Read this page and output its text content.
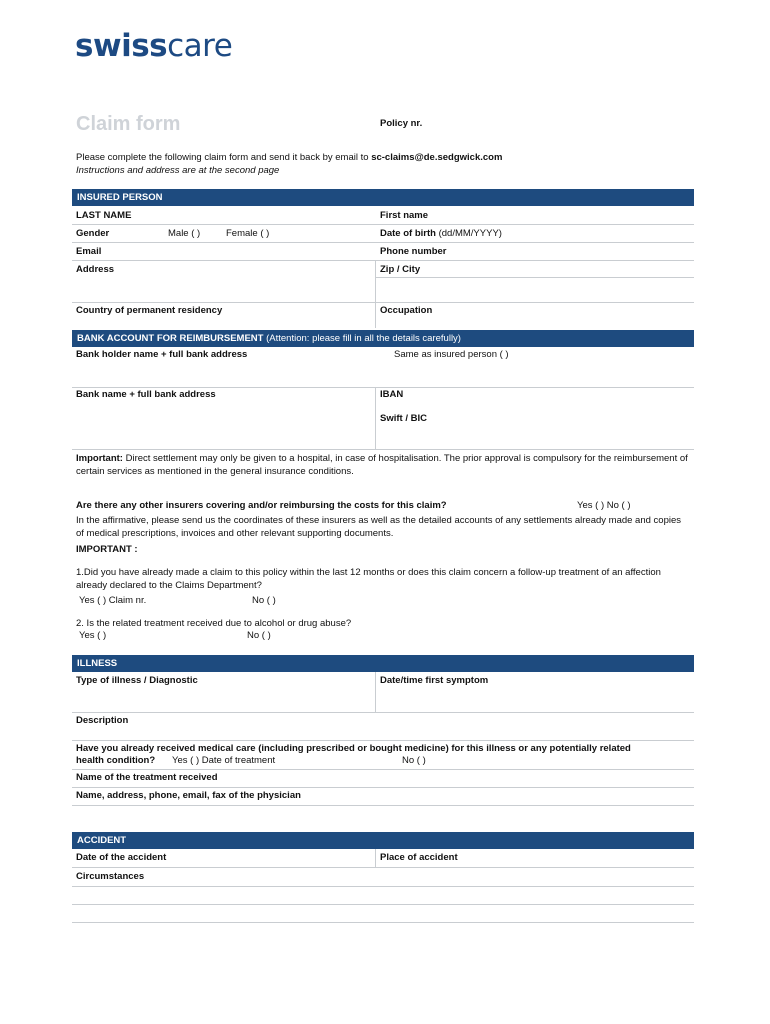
swisscare
Claim form	Policy nr.
Please complete the following claim form and send it back by email to sc-claims@de.sedgwick.com
Instructions and address are at the second page
INSURED PERSON
LAST NAME	First name
Gender	Male ( )	Female ( )	Date of birth (dd/MM/YYYY)
Email	Phone number
Address	Zip / City
Country of permanent residency	Occupation
BANK ACCOUNT FOR REIMBURSEMENT (Attention: please fill in all the details carefully)
Bank holder name + full bank address	Same as insured person ( )
Bank name + full bank address	IBAN
Swift / BIC
Important: Direct settlement may only be given to a hospital, in case of hospitalisation. The prior approval is compulsory for the reimbursement of certain services as mentioned in the general insurance conditions.
Are there any other insurers covering and/or reimbursing the costs for this claim?	Yes ( ) No ( )
In the affirmative, please send us the coordinates of these insurers as well as the detailed accounts of any settlements already made and copies of medical prescriptions, invoices and other relevant supporting documents.
IMPORTANT :
1.Did you have already made a claim to this policy within the last 12 months or does this claim concern a follow-up treatment of an affection already declared to the Claims Department?
Yes ( ) Claim nr.	No ( )
2. Is the related treatment received due to alcohol or drug abuse?
Yes ( )	No ( )
ILLNESS
Type of illness / Diagnostic	Date/time first symptom
Description
Have you already received medical care (including prescribed or bought medicine) for this illness or any potentially related
health condition? Yes ( ) Date of treatment	No ( )
Name of the treatment received
Name, address, phone, email, fax of the physician
ACCIDENT
Date of the accident	Place of accident
Circumstances
